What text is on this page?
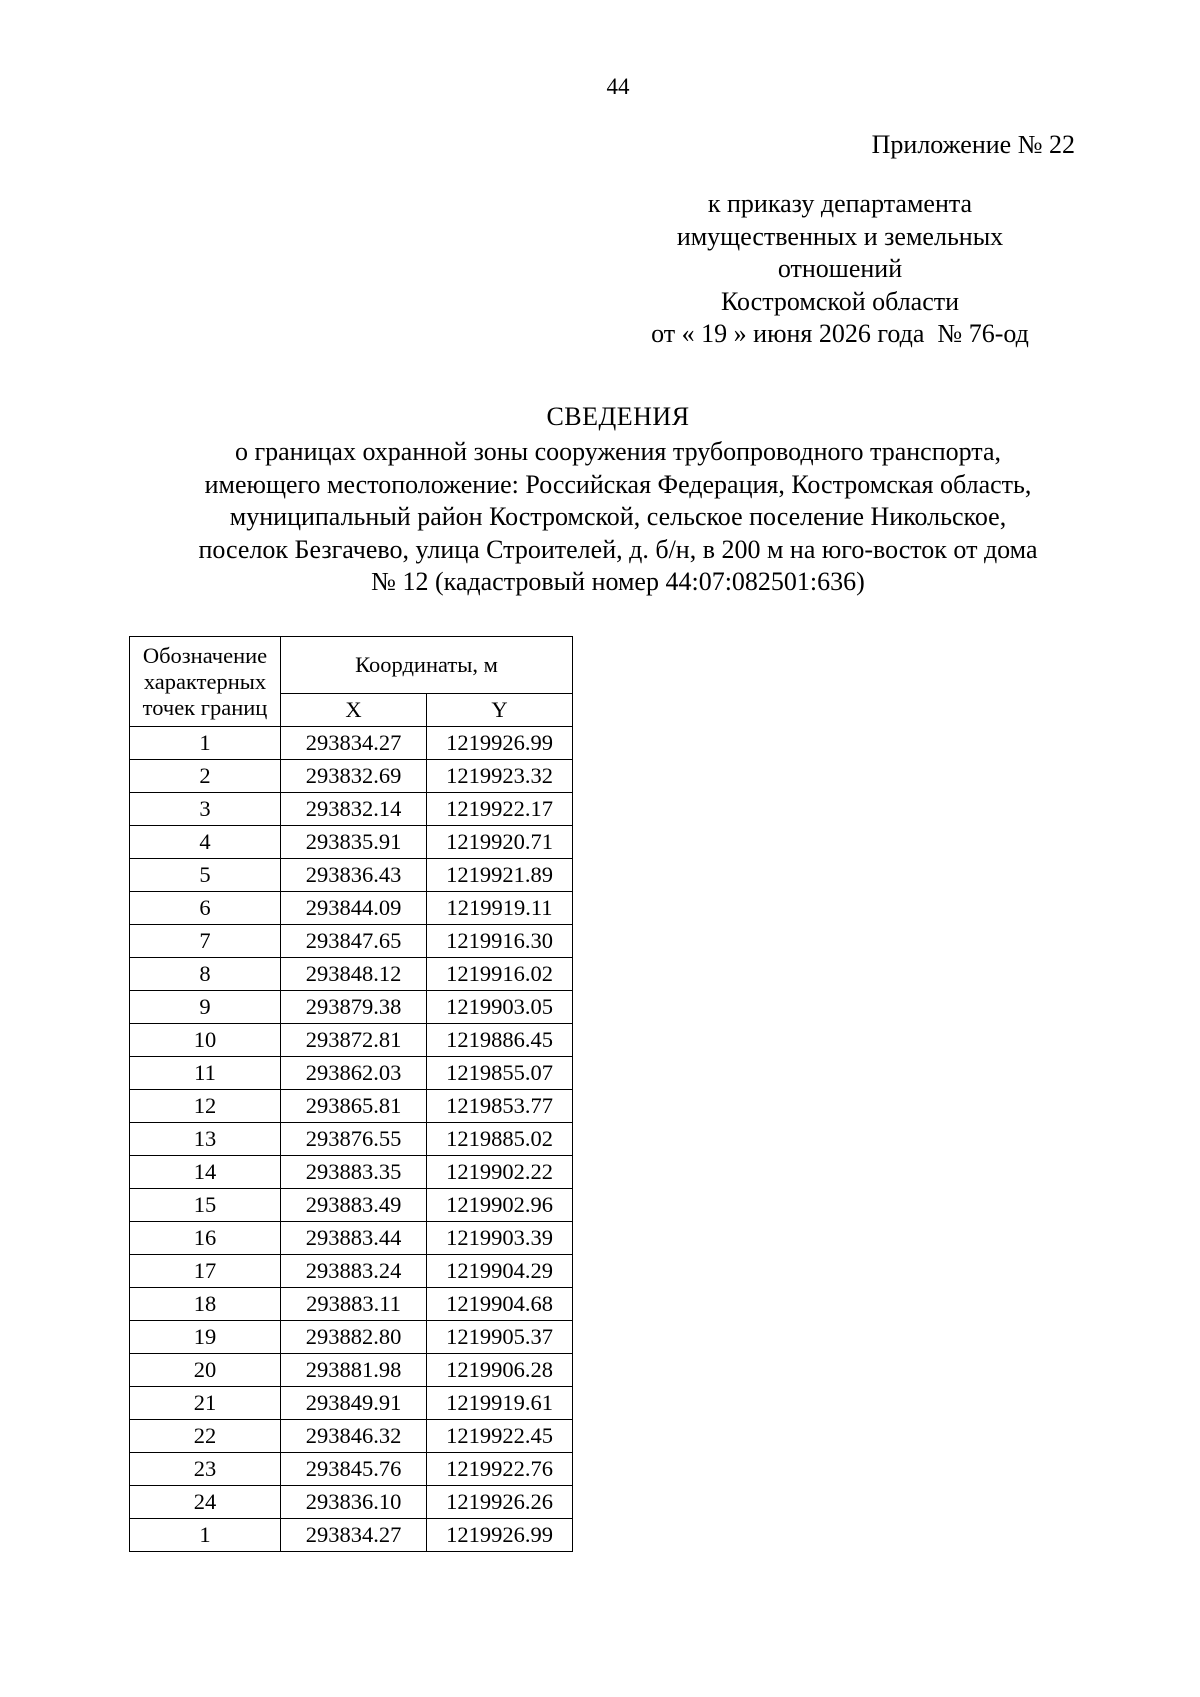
44
Приложение № 22
к приказу департамента
имущественных и земельных
отношений
Костромской области
от « 19 » июня 2026 года  № 76-од
СВЕДЕНИЯ
о границах охранной зоны сооружения трубопроводного транспорта,
имеющего местоположение: Российская Федерация, Костромская область,
муниципальный район Костромской, сельское поселение Никольское,
поселок Безгачево, улица Строителей, д. б/н, в 200 м на юго-восток от дома
№ 12 (кадастровый номер 44:07:082501:636)
Обозначение характерных точек границ	Координаты, м	
	X	Y
1	293834.27	1219926.99
2	293832.69	1219923.32
3	293832.14	1219922.17
4	293835.91	1219920.71
5	293836.43	1219921.89
6	293844.09	1219919.11
7	293847.65	1219916.30
8	293848.12	1219916.02
9	293879.38	1219903.05
10	293872.81	1219886.45
11	293862.03	1219855.07
12	293865.81	1219853.77
13	293876.55	1219885.02
14	293883.35	1219902.22
15	293883.49	1219902.96
16	293883.44	1219903.39
17	293883.24	1219904.29
18	293883.11	1219904.68
19	293882.80	1219905.37
20	293881.98	1219906.28
21	293849.91	1219919.61
22	293846.32	1219922.45
23	293845.76	1219922.76
24	293836.10	1219926.26
1	293834.27	1219926.99
